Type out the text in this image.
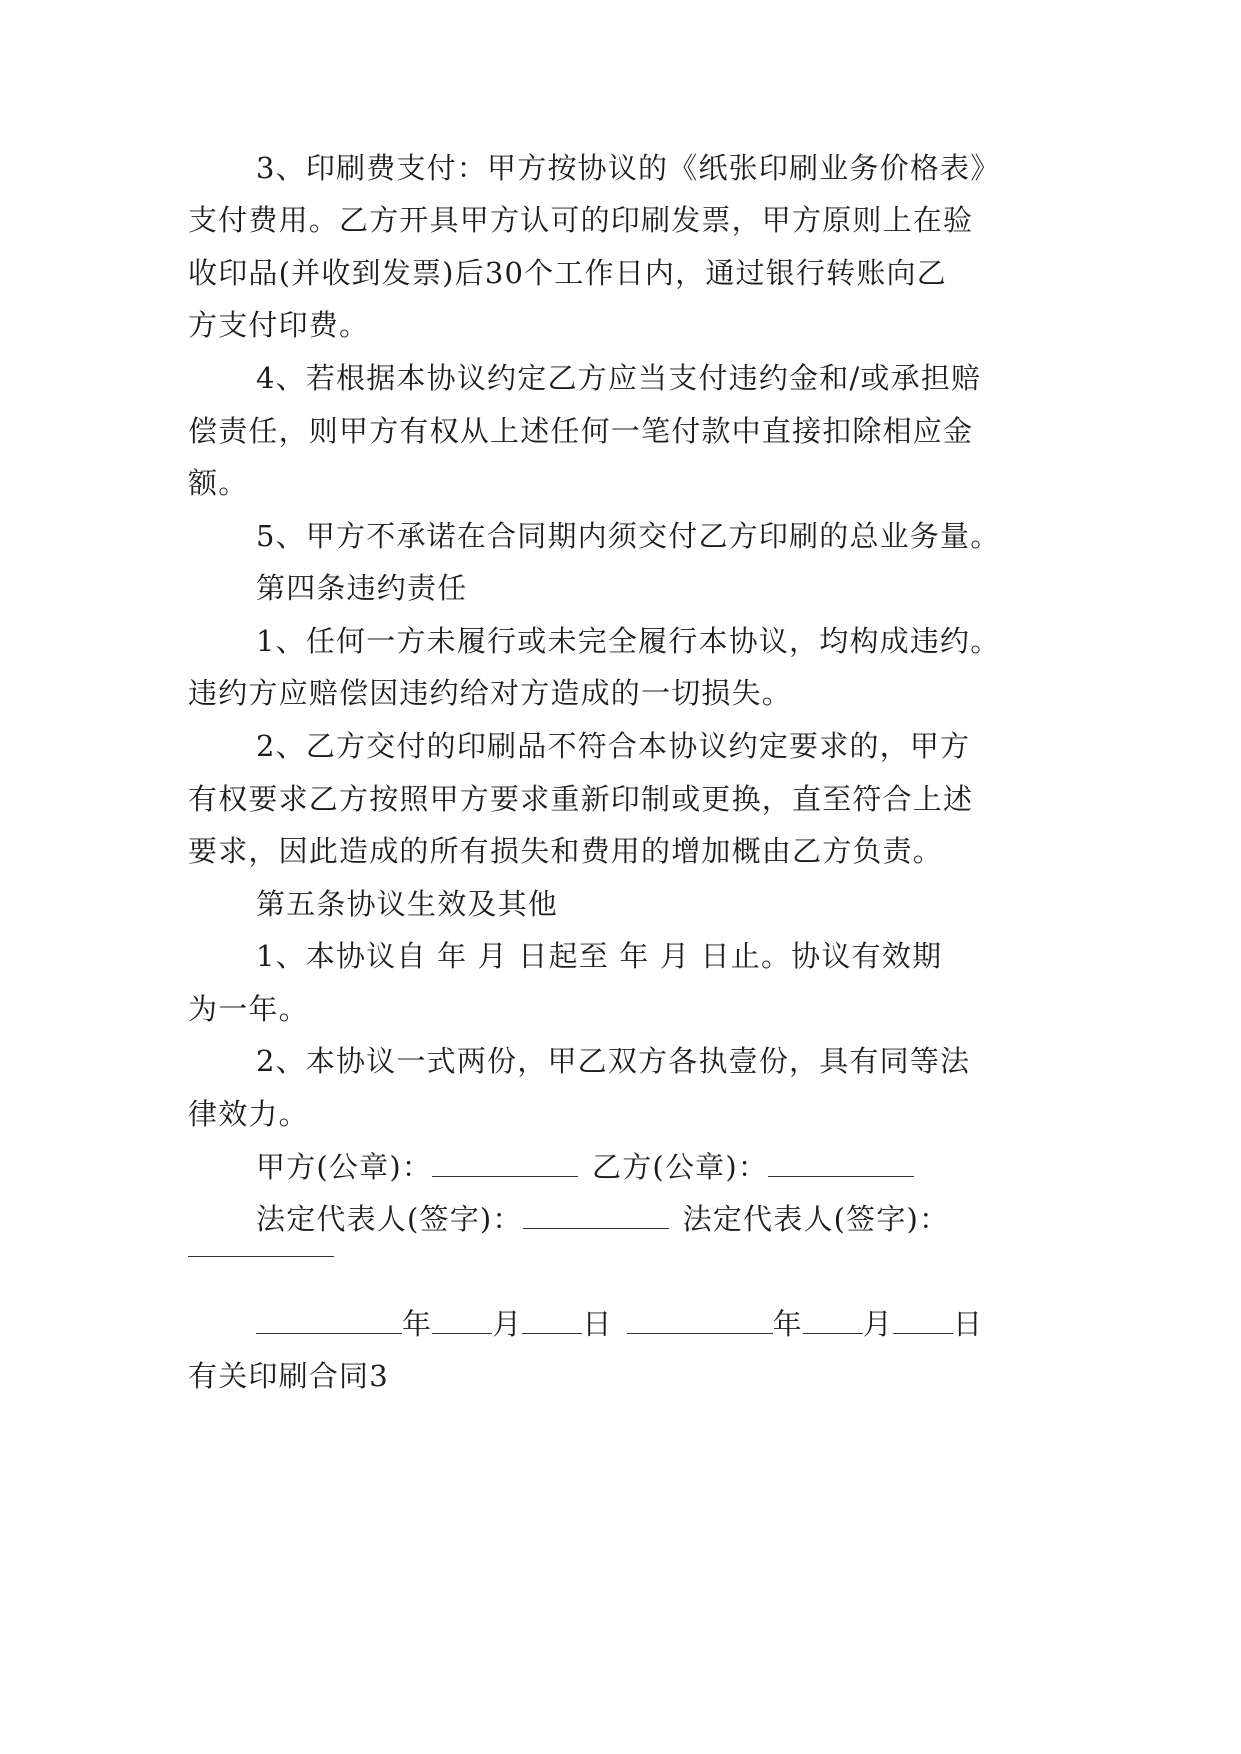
3、印刷费支付：甲方按协议的《纸张印刷业务价格表》
支付费用。乙方开具甲方认可的印刷发票，甲方原则上在验
收印品(并收到发票)后30个工作日内，通过银行转账向乙
方支付印费。
4、若根据本协议约定乙方应当支付违约金和/或承担赔
偿责任，则甲方有权从上述任何一笔付款中直接扣除相应金
额。
5、甲方不承诺在合同期内须交付乙方印刷的总业务量。
第四条违约责任
1、任何一方未履行或未完全履行本协议，均构成违约。
违约方应赔偿因违约给对方造成的一切损失。
2、乙方交付的印刷品不符合本协议约定要求的，甲方
有权要求乙方按照甲方要求重新印制或更换，直至符合上述
要求，因此造成的所有损失和费用的增加概由乙方负责。
第五条协议生效及其他
1、本协议自 年 月 日起至 年 月 日止。协议有效期
为一年。
2、本协议一式两份，甲乙双方各执壹份，具有同等法
律效力。
甲方(公章)：	乙方(公章)：
法定代表人(签字)：	法定代表人(签字)：
年 月 日	年 月 日
有关印刷合同3
